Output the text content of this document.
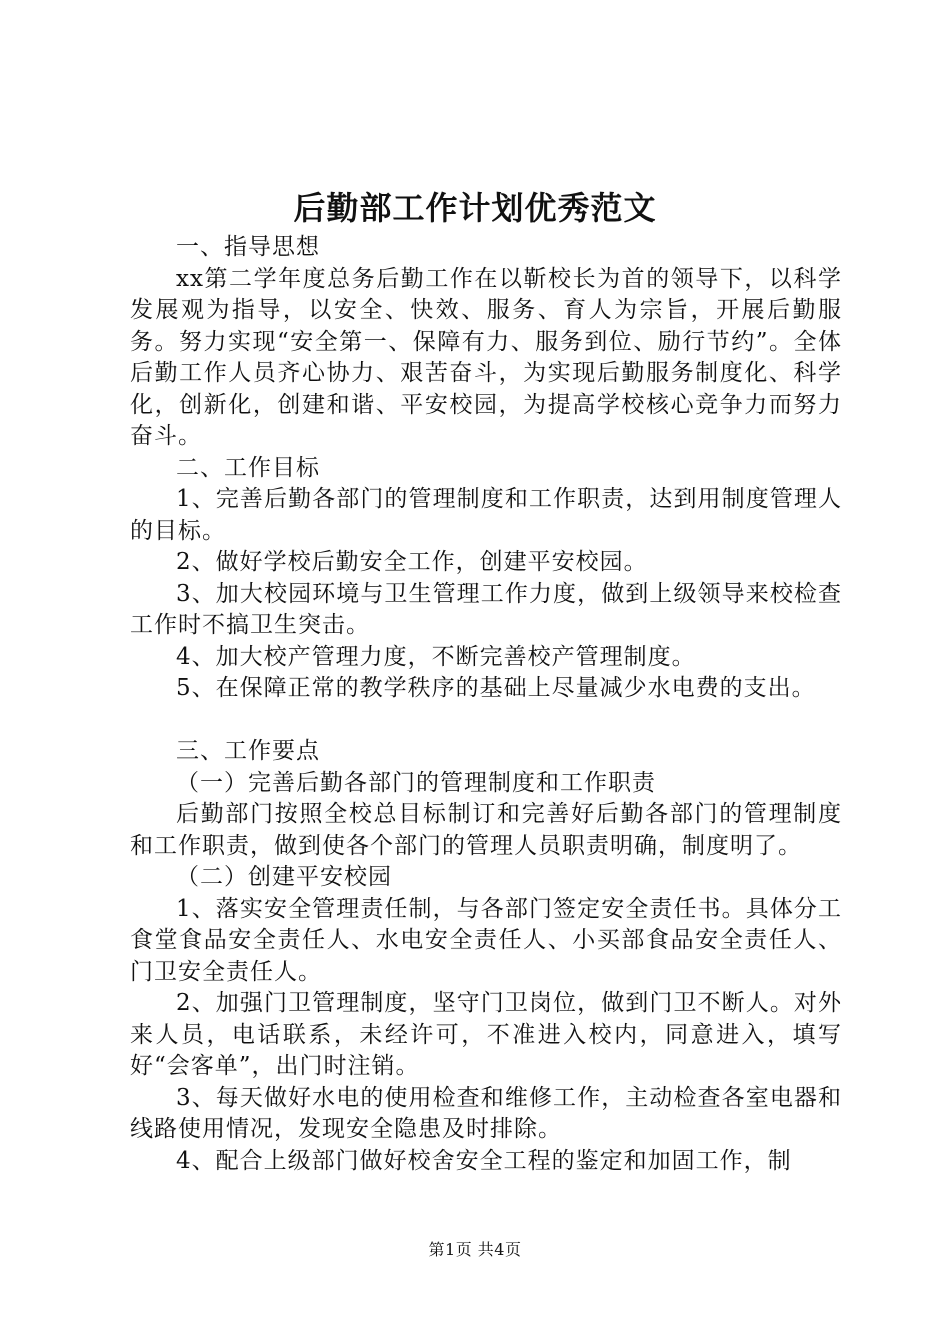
后勤部工作计划优秀范文

一、指导思想

xx第二学年度总务后勤工作在以靳校长为首的领导下，以科学发展观为指导，以安全、快效、服务、育人为宗旨，开展后勤服务。努力实现“安全第一、保障有力、服务到位、励行节约”。全体后勤工作人员齐心协力、艰苦奋斗，为实现后勤服务制度化、科学化，创新化，创建和谐、平安校园，为提高学校核心竞争力而努力奋斗。

二、工作目标

1、完善后勤各部门的管理制度和工作职责，达到用制度管理人的目标。

2、做好学校后勤安全工作，创建平安校园。

3、加大校园环境与卫生管理工作力度，做到上级领导来校检查工作时不搞卫生突击。

4、加大校产管理力度，不断完善校产管理制度。

5、在保障正常的教学秩序的基础上尽量减少水电费的支出。

三、工作要点

（一）完善后勤各部门的管理制度和工作职责

后勤部门按照全校总目标制订和完善好后勤各部门的管理制度和工作职责，做到使各个部门的管理人员职责明确，制度明了。

（二）创建平安校园

1、落实安全管理责任制，与各部门签定安全责任书。具体分工食堂食品安全责任人、水电安全责任人、小买部食品安全责任人、门卫安全责任人。

2、加强门卫管理制度，坚守门卫岗位，做到门卫不断人。对外来人员，电话联系，未经许可，不准进入校内，同意进入，填写好“会客单”，出门时注销。

3、每天做好水电的使用检查和维修工作，主动检查各室电器和线路使用情况，发现安全隐患及时排除。

4、配合上级部门做好校舍安全工程的鉴定和加固工作，制

第1页 共4页
